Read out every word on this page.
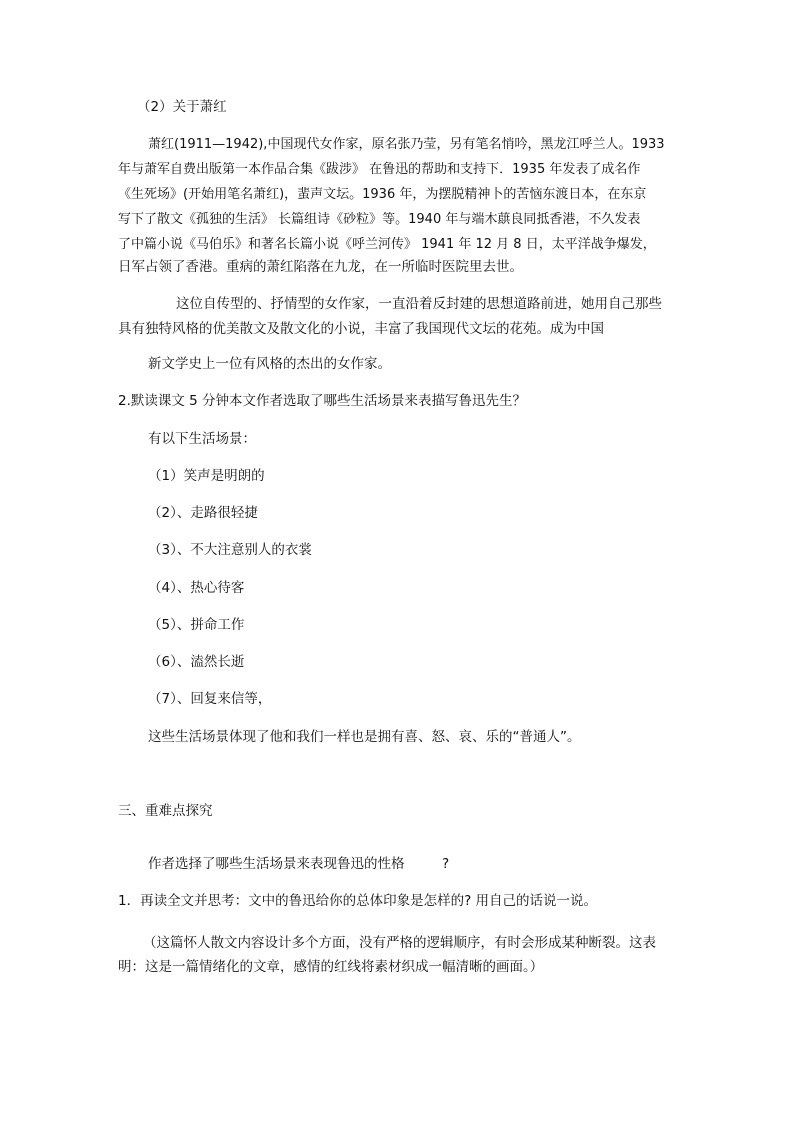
（2）关于萧红
萧红(1911—1942),中国现代女作家，原名张乃莹，另有笔名悄吟，黑龙江呼兰人。1933
年与萧军自费出版第一本作品合集《跋涉》 在鲁迅的帮助和支持下．1935 年发表了成名作
《生死场》(开始用笔名萧红)，蜚声文坛。1936 年，为摆脱精神卜的苦恼东渡日本，在东京
写下了散文《孤独的生活》 长篇组诗《砂粒》等。1940 年与端木蕻良同抵香港，不久发表
了中篇小说《马伯乐》和著名长篇小说《呼兰河传》 1941 年 12 月 8 日，太平洋战争爆发，
日军占领了香港。重病的萧红陷落在九龙，在一所临时医院里去世。
这位自传型的、抒情型的女作家，一直沿着反封建的思想道路前进，她用自己那些
具有独特风格的优美散文及散文化的小说，丰富了我国现代文坛的花苑。成为中国
新文学史上一位有风格的杰出的女作家。
2.默读课文 5 分钟本文作者选取了哪些生活场景来表描写鲁迅先生？
有以下生活场景：
（1）笑声是明朗的
（2）、走路很轻捷
（3）、不大注意别人的衣裳
（4）、热心待客
（5）、拼命工作
（6）、溘然长逝
（7）、回复来信等，
这些生活场景体现了他和我们一样也是拥有喜、怒、哀、乐的“普通人”。
三、重难点探究
作者选择了哪些生活场景来表现鲁迅的性格	?
1．再读全文并思考：文中的鲁迅给你的总体印象是怎样的? 用自己的话说一说。
（这篇怀人散文内容设计多个方面，没有严格的逻辑顺序，有时会形成某种断裂。这表
明：这是一篇情绪化的文章，感情的红线将素材织成一幅清晰的画面。）
